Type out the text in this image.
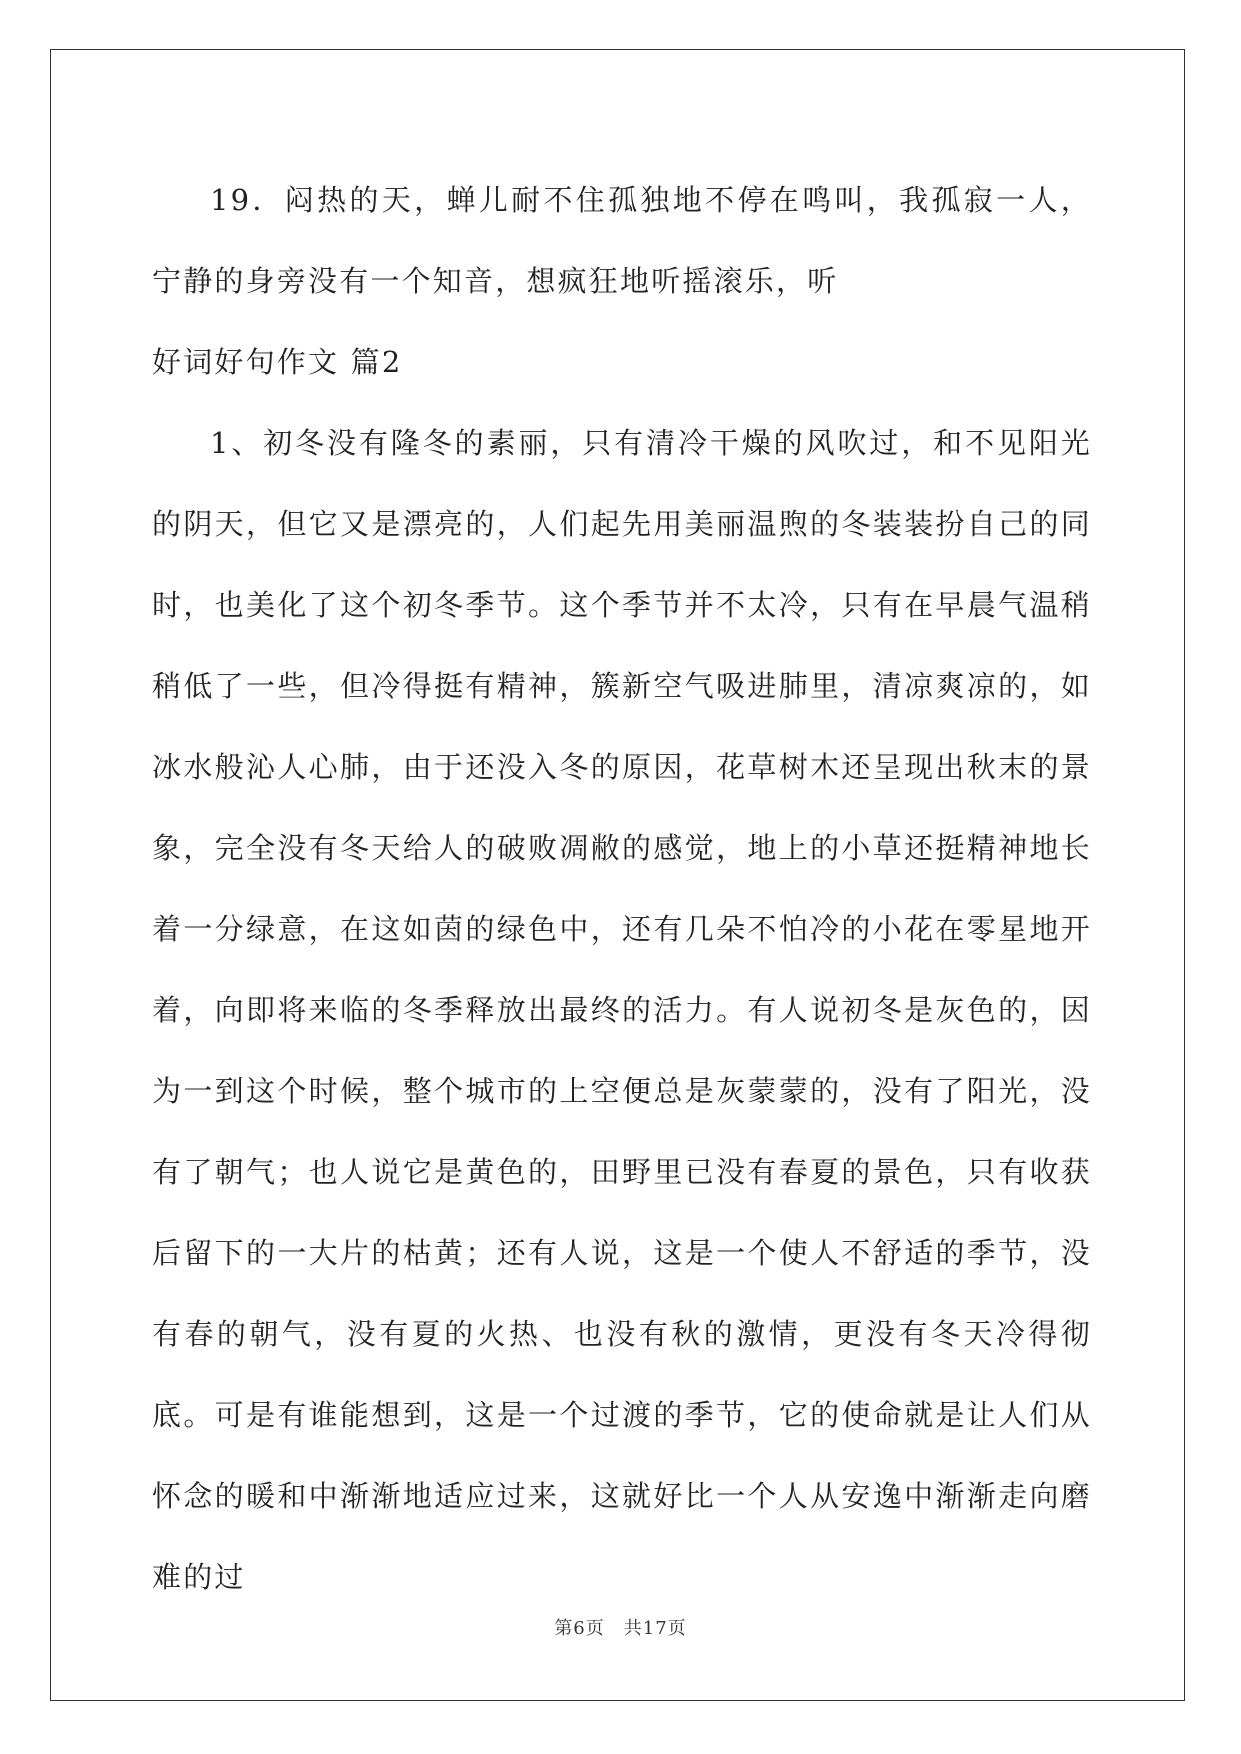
19．闷热的天，蝉儿耐不住孤独地不停在鸣叫，我孤寂一人，宁静的身旁没有一个知音，想疯狂地听摇滚乐，听

好词好句作文 篇2

1、初冬没有隆冬的素丽，只有清冷干燥的风吹过，和不见阳光的阴天，但它又是漂亮的，人们起先用美丽温煦的冬装装扮自己的同时，也美化了这个初冬季节。这个季节并不太冷，只有在早晨气温稍稍低了一些，但冷得挺有精神，簇新空气吸进肺里，清凉爽凉的，如冰水般沁人心肺，由于还没入冬的原因，花草树木还呈现出秋末的景象，完全没有冬天给人的破败凋敝的感觉，地上的小草还挺精神地长着一分绿意，在这如茵的绿色中，还有几朵不怕冷的小花在零星地开着，向即将来临的冬季释放出最终的活力。有人说初冬是灰色的，因为一到这个时候，整个城市的上空便总是灰蒙蒙的，没有了阳光，没有了朝气；也人说它是黄色的，田野里已没有春夏的景色，只有收获后留下的一大片的枯黄；还有人说，这是一个使人不舒适的季节，没有春的朝气，没有夏的火热、也没有秋的激情，更没有冬天冷得彻底。可是有谁能想到，这是一个过渡的季节，它的使命就是让人们从怀念的暖和中渐渐地适应过来，这就好比一个人从安逸中渐渐走向磨难的过

第6页　共17页
